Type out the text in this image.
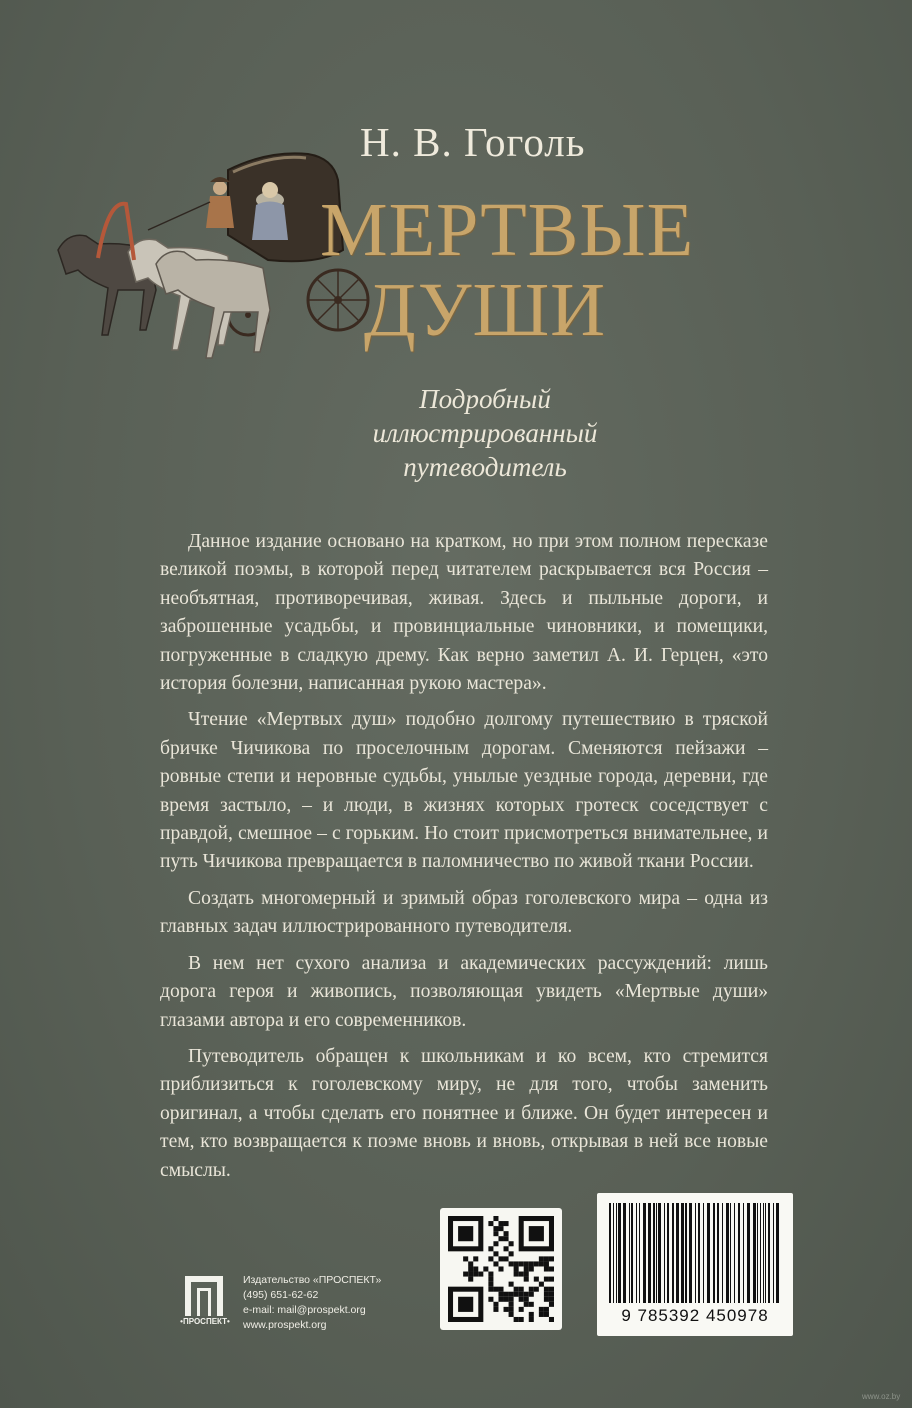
Н. В. Гоголь
МЕРТВЫЕ
ДУШИ
Подробный
иллюстрированный
путеводитель

Данное издание основано на кратком, но при этом полном пересказе великой поэмы, в которой перед читателем раскрывается вся Россия – необъятная, противоречивая, живая. Здесь и пыльные дороги, и заброшенные усадьбы, и провинциальные чиновники, и помещики, погруженные в сладкую дрему. Как верно заметил А. И. Герцен, «это история болезни, написанная рукою мастера».

Чтение «Мертвых душ» подобно долгому путешествию в тряской бричке Чичикова по проселочным дорогам. Сменяются пейзажи – ровные степи и неровные судьбы, унылые уездные города, деревни, где время застыло, – и люди, в жизнях которых гротеск соседствует с правдой, смешное – с горьким. Но стоит присмотреться внимательнее, и путь Чичикова превращается в паломничество по живой ткани России.

Создать многомерный и зримый образ гоголевского мира – одна из главных задач иллюстрированного путеводителя.

В нем нет сухого анализа и академических рассуждений: лишь дорога героя и живопись, позволяющая увидеть «Мертвые души» глазами автора и его современников.

Путеводитель обращен к школьникам и ко всем, кто стремится приблизиться к гоголевскому миру, не для того, чтобы заменить оригинал, а чтобы сделать его понятнее и ближе. Он будет интересен и тем, кто возвращается к поэме вновь и вновь, открывая в ней все новые смыслы.

•ПРОСПЕКТ•
Издательство «ПРОСПЕКТ»
(495) 651-62-62
e-mail: mail@prospekt.org
www.prospekt.org	9 785392 450978
www.oz.by
